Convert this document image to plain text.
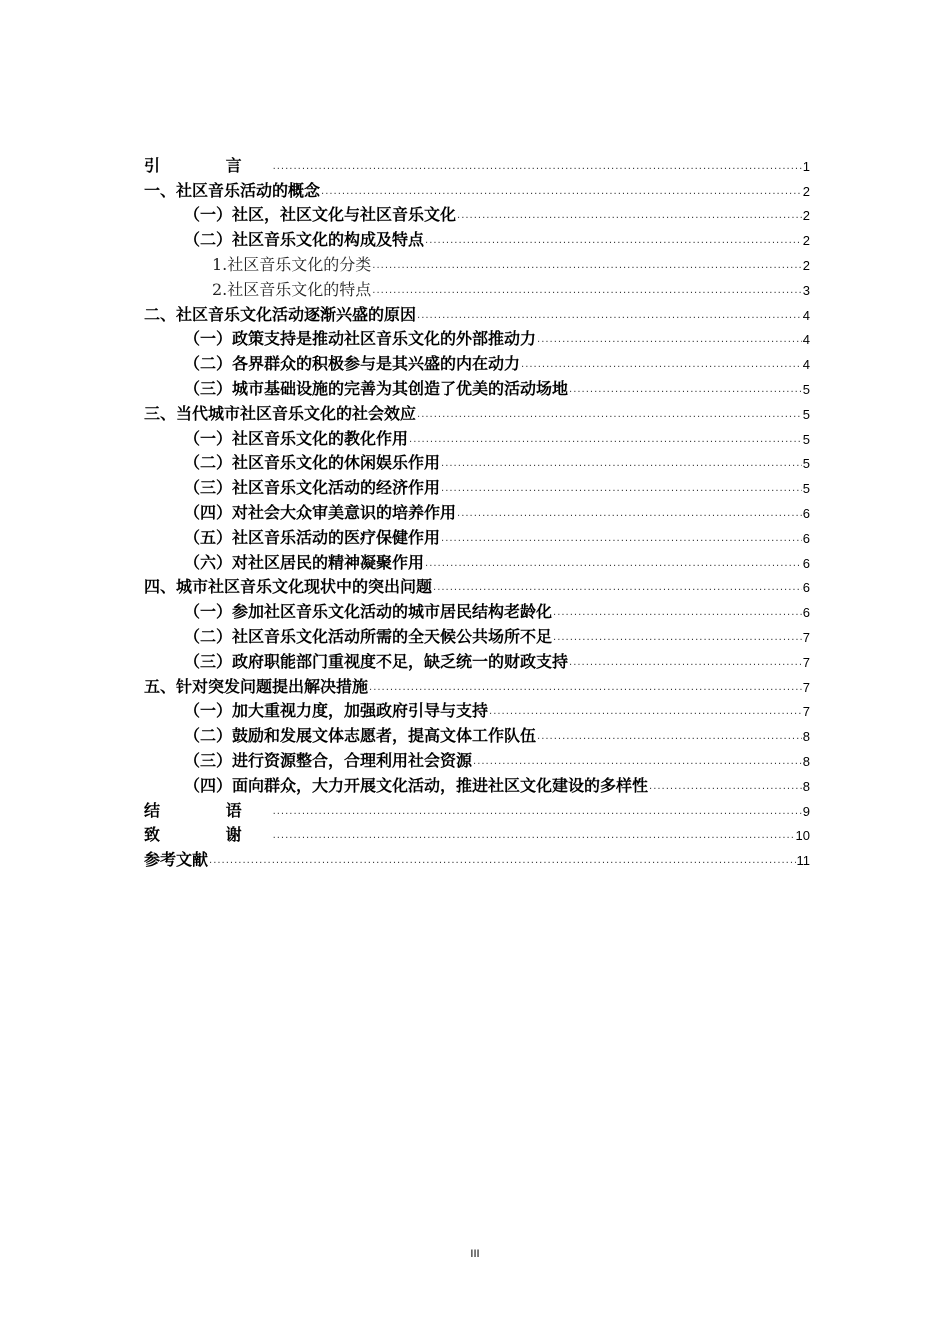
引 言 .....	1
一、社区音乐活动的概念 .....	2
（一）社区，社区文化与社区音乐文化 .....	2
（二）社区音乐文化的构成及特点 .....	2
1.社区音乐文化的分类 .....	2
2.社区音乐文化的特点 .....	3
二、社区音乐文化活动逐渐兴盛的原因 .....	4
（一）政策支持是推动社区音乐文化的外部推动力 .....	4
（二）各界群众的积极参与是其兴盛的内在动力 .....	4
（三）城市基础设施的完善为其创造了优美的活动场地 .....	5
三、当代城市社区音乐文化的社会效应 .....	5
（一）社区音乐文化的教化作用 .....	5
（二）社区音乐文化的休闲娱乐作用 .....	5
（三）社区音乐文化活动的经济作用 .....	5
（四）对社会大众审美意识的培养作用 .....	6
（五）社区音乐活动的医疗保健作用 .....	6
（六）对社区居民的精神凝聚作用 .....	6
四、城市社区音乐文化现状中的突出问题 .....	6
（一）参加社区音乐文化活动的城市居民结构老龄化 .....	6
（二）社区音乐文化活动所需的全天候公共场所不足 .....	7
（三）政府职能部门重视度不足，缺乏统一的财政支持 .....	7
五、针对突发问题提出解决措施 .....	7
（一）加大重视力度，加强政府引导与支持 .....	7
（二）鼓励和发展文体志愿者，提高文体工作队伍 .....	8
（三）进行资源整合，合理利用社会资源 .....	8
（四）面向群众，大力开展文化活动，推进社区文化建设的多样性 .....	8
结 语 .....	9
致 谢 .....	10
参考文献 .....	11
III
